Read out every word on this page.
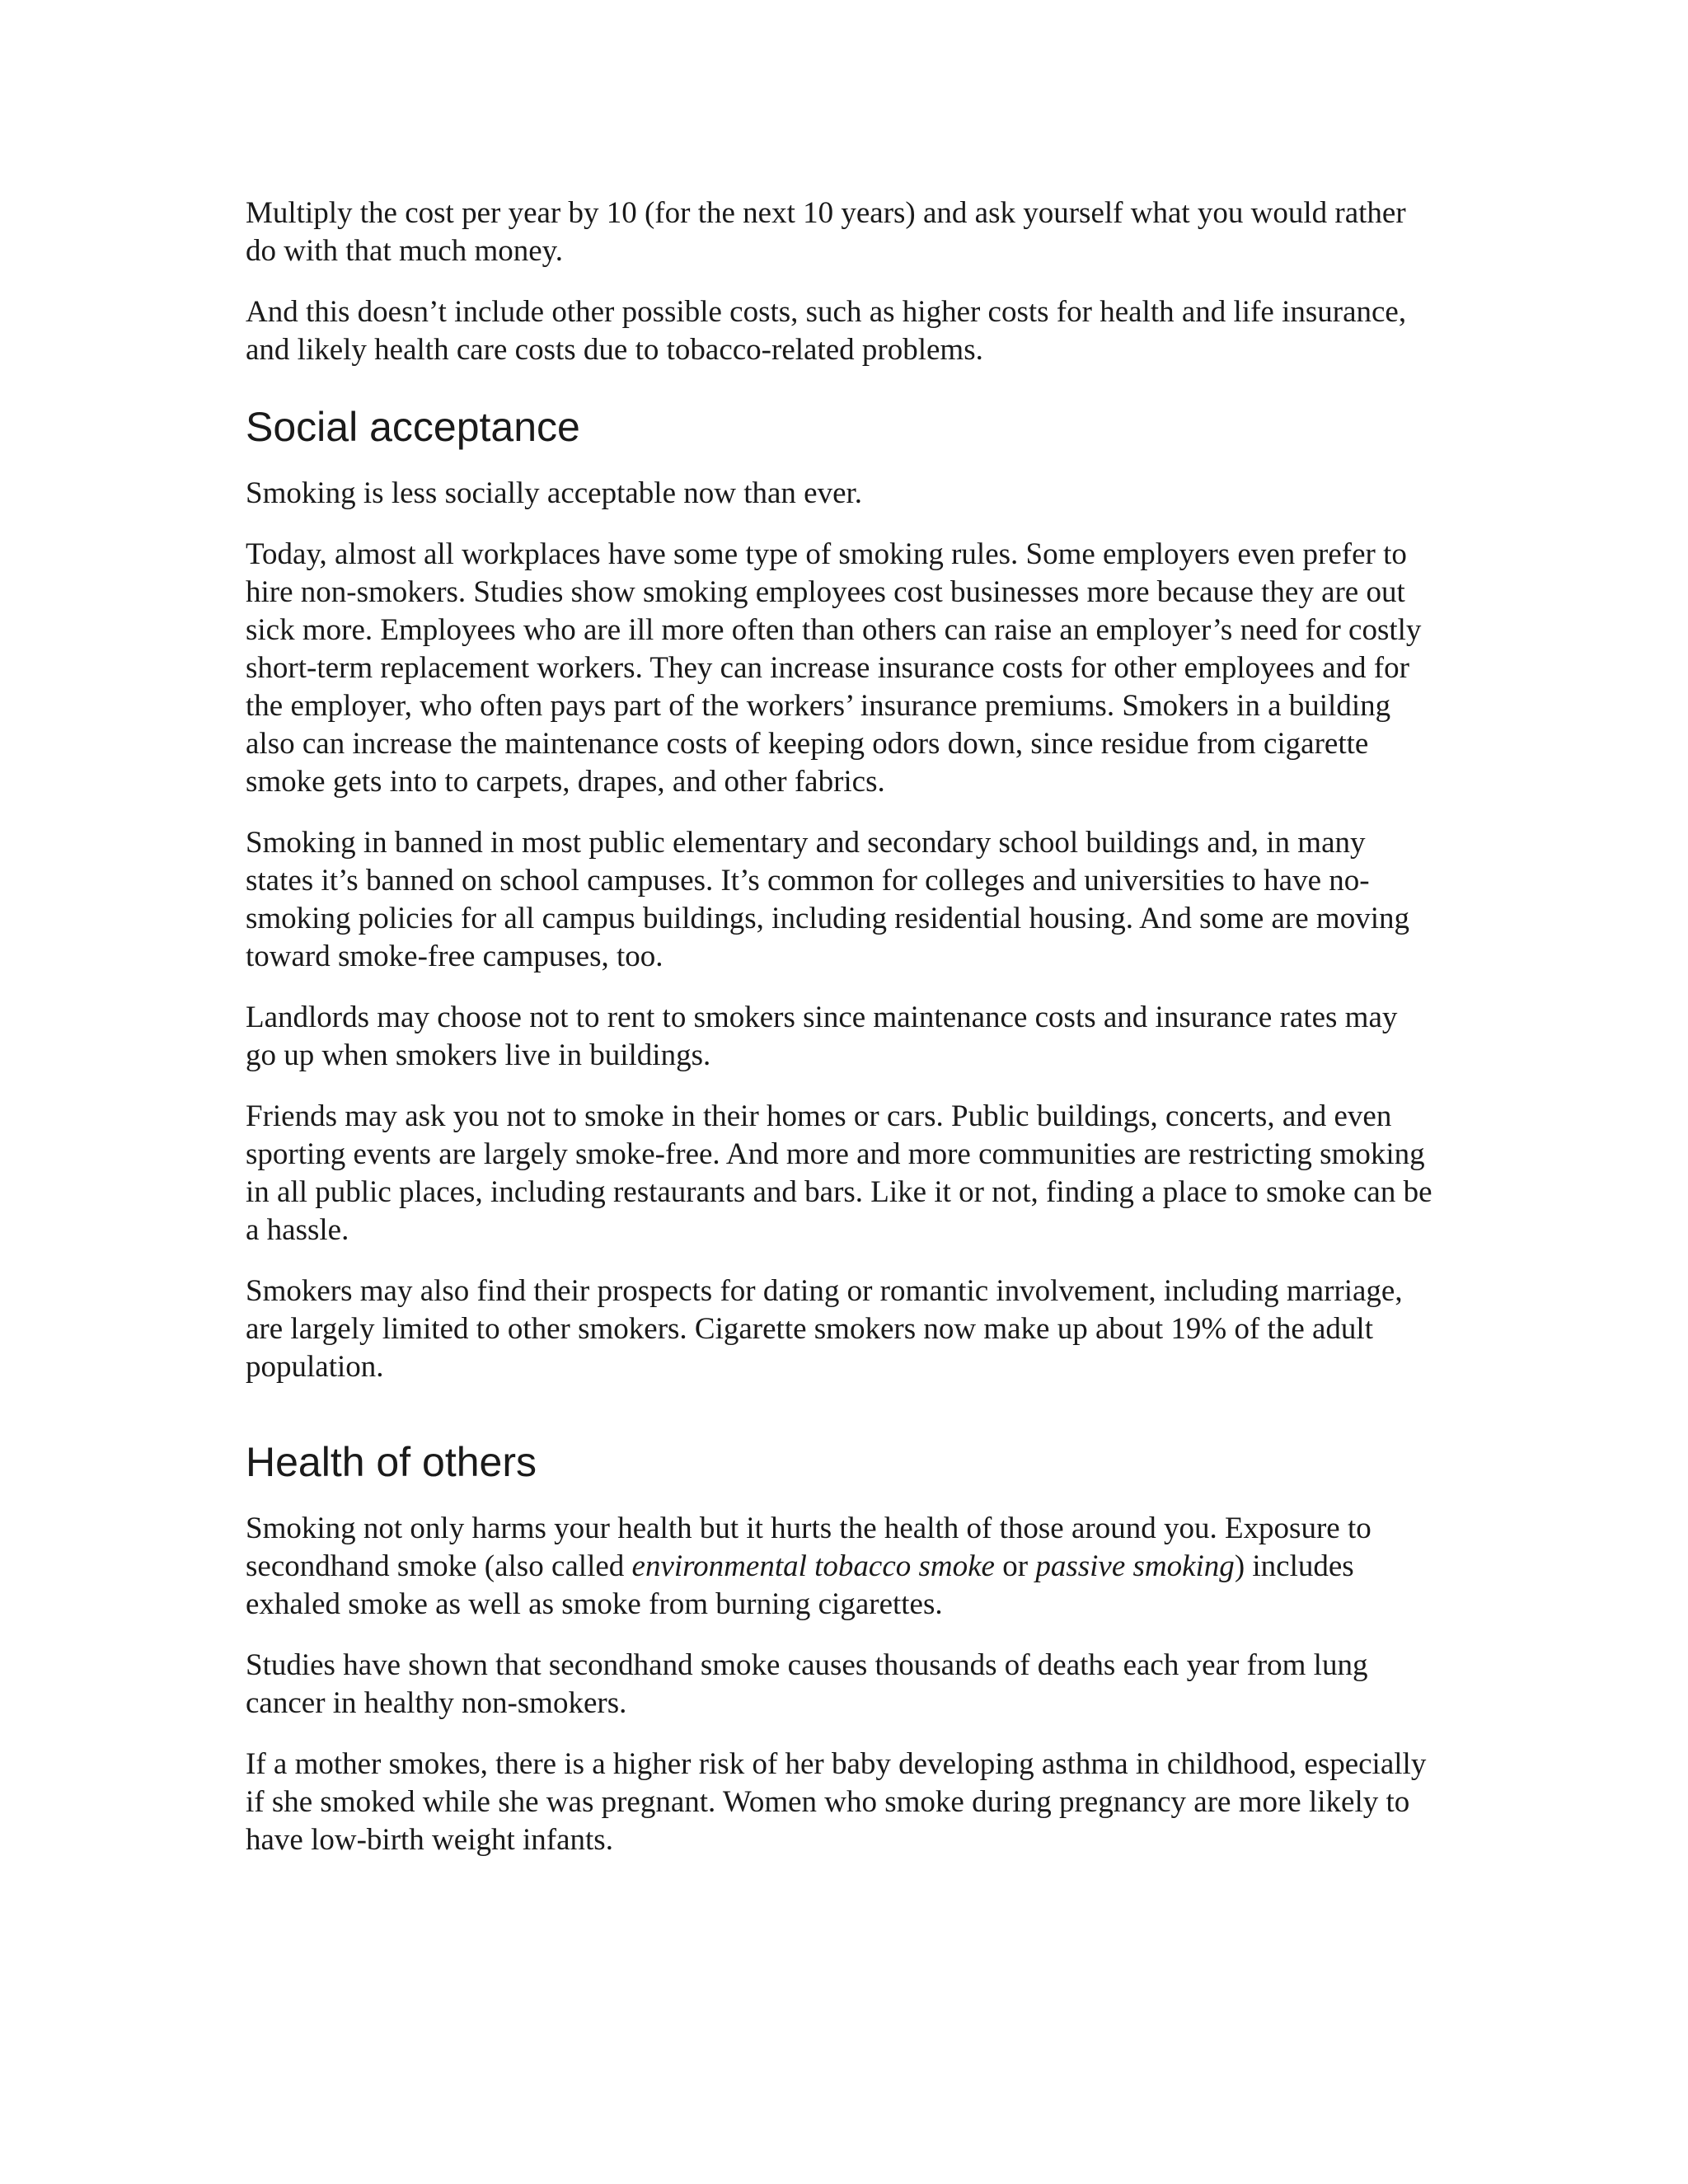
Multiply the cost per year by 10 (for the next 10 years) and ask yourself what you would rather do with that much money.

And this doesn’t include other possible costs, such as higher costs for health and life insurance, and likely health care costs due to tobacco-related problems.

Social acceptance

Smoking is less socially acceptable now than ever.

Today, almost all workplaces have some type of smoking rules. Some employers even prefer to hire non-smokers. Studies show smoking employees cost businesses more because they are out sick more. Employees who are ill more often than others can raise an employer’s need for costly short-term replacement workers. They can increase insurance costs for other employees and for the employer, who often pays part of the workers’ insurance premiums. Smokers in a building also can increase the maintenance costs of keeping odors down, since residue from cigarette smoke gets into to carpets, drapes, and other fabrics.

Smoking in banned in most public elementary and secondary school buildings and, in many states it’s banned on school campuses. It’s common for colleges and universities to have no-smoking policies for all campus buildings, including residential housing. And some are moving toward smoke-free campuses, too.

Landlords may choose not to rent to smokers since maintenance costs and insurance rates may go up when smokers live in buildings.

Friends may ask you not to smoke in their homes or cars. Public buildings, concerts, and even sporting events are largely smoke-free. And more and more communities are restricting smoking in all public places, including restaurants and bars. Like it or not, finding a place to smoke can be a hassle.

Smokers may also find their prospects for dating or romantic involvement, including marriage, are largely limited to other smokers. Cigarette smokers now make up about 19% of the adult population.

Health of others

Smoking not only harms your health but it hurts the health of those around you. Exposure to secondhand smoke (also called environmental tobacco smoke or passive smoking) includes exhaled smoke as well as smoke from burning cigarettes.

Studies have shown that secondhand smoke causes thousands of deaths each year from lung cancer in healthy non-smokers.

If a mother smokes, there is a higher risk of her baby developing asthma in childhood, especially if she smoked while she was pregnant. Women who smoke during pregnancy are more likely to have low-birth weight infants.
